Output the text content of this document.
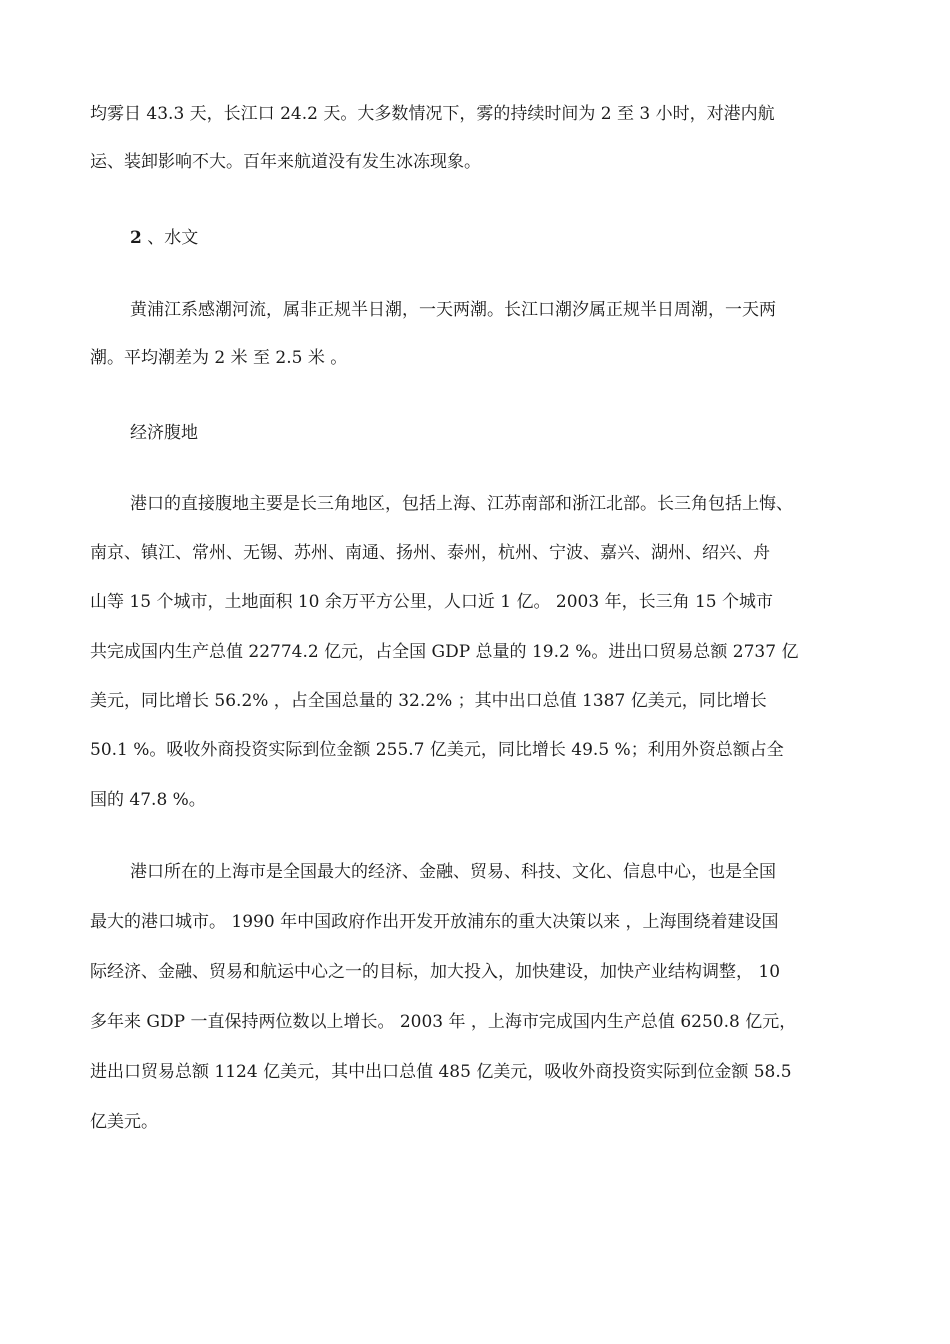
均雾日 43.3 天，长江口 24.2 天。大多数情况下，雾的持续时间为 2 至 3 小时，对港内航
运、装卸影响不大。百年来航道没有发生冰冻现象。
2 、水文
黄浦江系感潮河流，属非正规半日潮，一天两潮。长江口潮汐属正规半日周潮，一天两
潮。平均潮差为 2 米 至 2.5 米 。
经济腹地
港口的直接腹地主要是长三角地区，包括上海、江苏南部和浙江北部。长三角包括上悔、
南京、镇江、常州、无锡、苏州、南通、扬州、泰州，杭州、宁波、嘉兴、湖州、绍兴、舟
山等 15 个城市，土地面积 10 余万平方公里，人口近 1 亿。 2003 年，长三角 15 个城市
共完成国内生产总值 22774.2 亿元，占全国 GDP 总量的 19.2 %。进出口贸易总额 2737 亿
美元，同比增长 56.2% ，占全国总量的 32.2% ；其中出口总值 1387 亿美元，同比增长
50.1 %。吸收外商投资实际到位金额 255.7 亿美元，同比增长 49.5 %；利用外资总额占全
国的 47.8 %。
港口所在的上海市是全国最大的经济、金融、贸易、科技、文化、信息中心，也是全国
最大的港口城市。 1990 年中国政府作出开发开放浦东的重大决策以来 ，上海围绕着建设国
际经济、金融、贸易和航运中心之一的目标，加大投入，加快建设，加快产业结构调整， 10
多年来 GDP 一直保持两位数以上增长。 2003 年 ，上海市完成国内生产总值 6250.8 亿元，
进出口贸易总额 1124 亿美元，其中出口总值 485 亿美元，吸收外商投资实际到位金额 58.5
亿美元。
